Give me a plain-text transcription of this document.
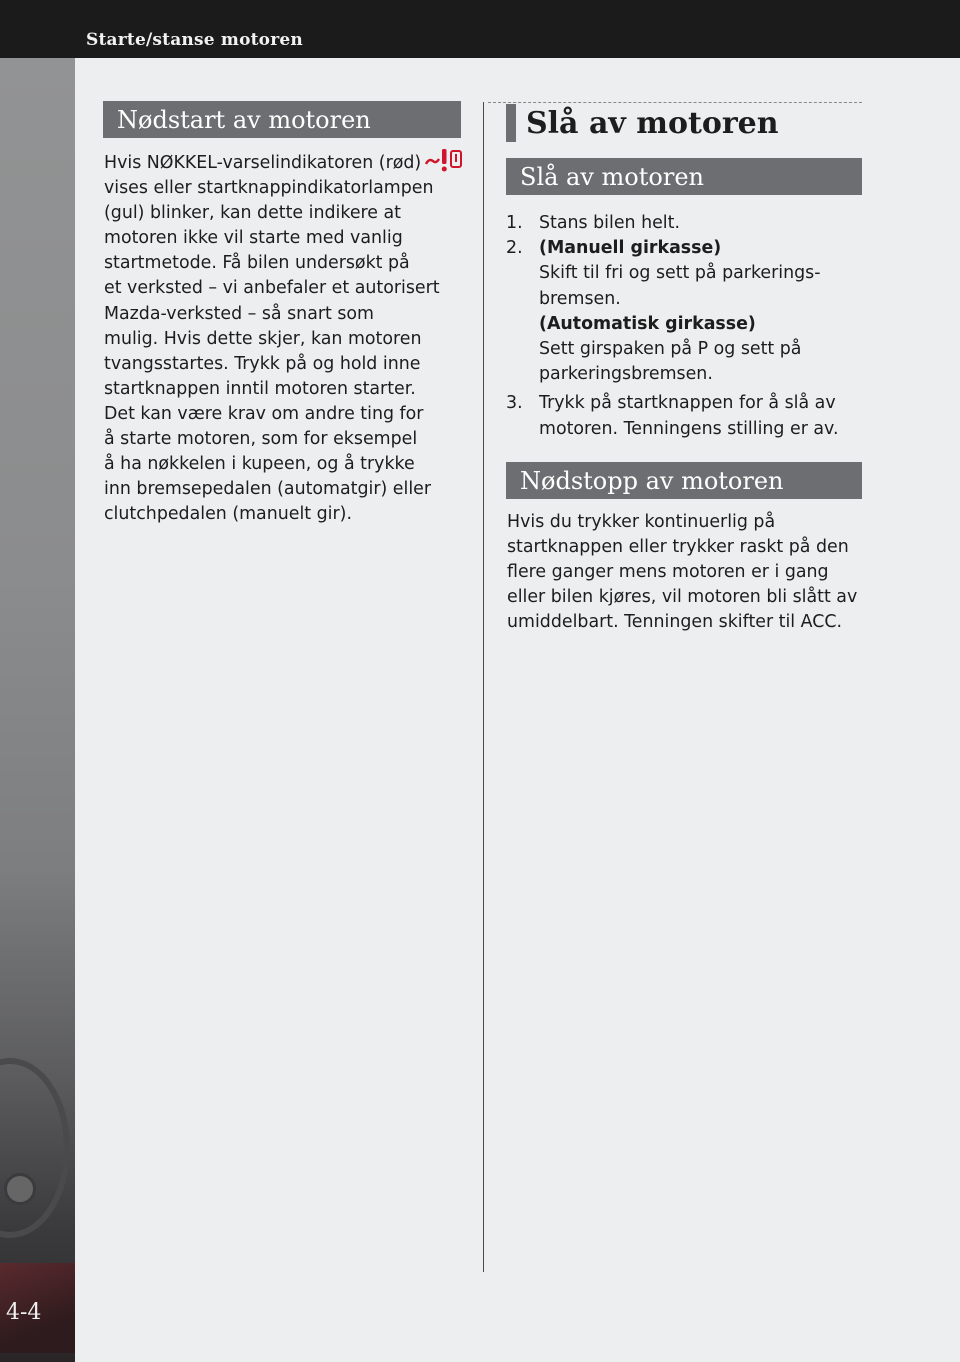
Starte/stanse motoren
4-4
Nødstart av motoren
Hvis NØKKEL-varselindikatoren (rød)
vises eller startknappindikatorlampen
(gul) blinker, kan dette indikere at
motoren ikke vil starte med vanlig
startmetode. Få bilen undersøkt på
et verksted – vi anbefaler et autorisert
Mazda-verksted – så snart som
mulig. Hvis dette skjer, kan motoren
tvangsstartes. Trykk på og hold inne
startknappen inntil motoren starter.
Det kan være krav om andre ting for
å starte motoren, som for eksempel
å ha nøkkelen i kupeen, og å trykke
inn bremsepedalen (automatgir) eller
clutchpedalen (manuelt gir).
Slå av motoren
Slå av motoren
1. Stans bilen helt.
2. (Manuell girkasse)
Skift til fri og sett på parkerings-
bremsen.
(Automatisk girkasse)
Sett girspaken på P og sett på
parkeringsbremsen.
3. Trykk på startknappen for å slå av
motoren. Tenningens stilling er av.
Nødstopp av motoren
Hvis du trykker kontinuerlig på
startknappen eller trykker raskt på den
flere ganger mens motoren er i gang
eller bilen kjøres, vil motoren bli slått av
umiddelbart. Tenningen skifter til ACC.
